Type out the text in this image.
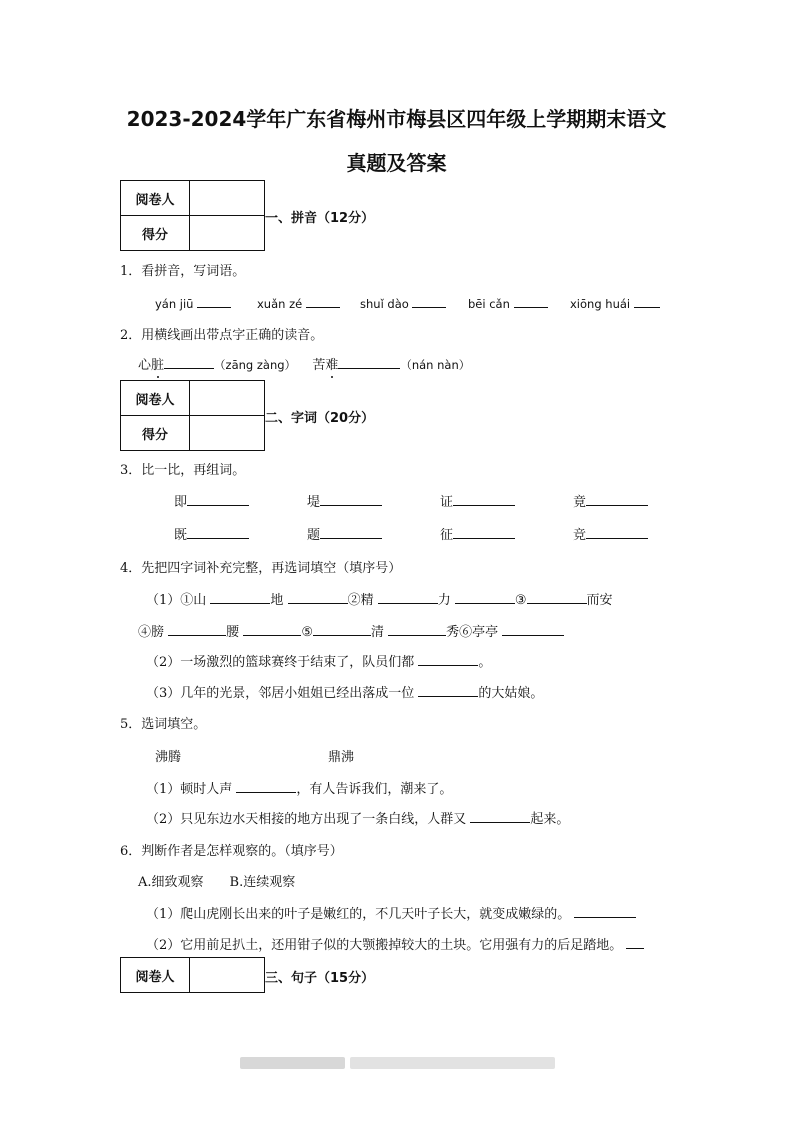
2023-2024学年广东省梅州市梅县区四年级上学期期末语文
真题及答案
阅卷人	
得分	
一、拼音（12分）
1．看拼音，写词语。
yán jiū	xuǎn zé	shuǐ dào	bēi cǎn	xiōng huái
2．用横线画出带点字正确的读音。
心脏	（zāng zàng） 苦难	（nán nàn）
阅卷人	
得分	
二、字词（20分）
3．比一比，再组词。
即	堤	证	竟
既	题	征	竞
4．先把四字词补充完整，再选词填空（填序号）
（1）①山	地	②精	力	③	而安
④膀	腰	⑤	清	秀⑥亭亭
（2）一场激烈的篮球赛终于结束了，队员们都	。
（3）几年的光景，邻居小姐姐已经出落成一位	的大姑娘。
5．选词填空。
沸腾	鼎沸
（1）顿时人声	，有人告诉我们，潮来了。
（2）只见东边水天相接的地方出现了一条白线，人群又	起来。
6．判断作者是怎样观察的。（填序号）
A.细致观察　　B.连续观察
（1）爬山虎刚长出来的叶子是嫩红的，不几天叶子长大，就变成嫩绿的。
（2）它用前足扒土，还用钳子似的大颚搬掉较大的土块。它用强有力的后足踏地。
阅卷人		三、句子（15分）
